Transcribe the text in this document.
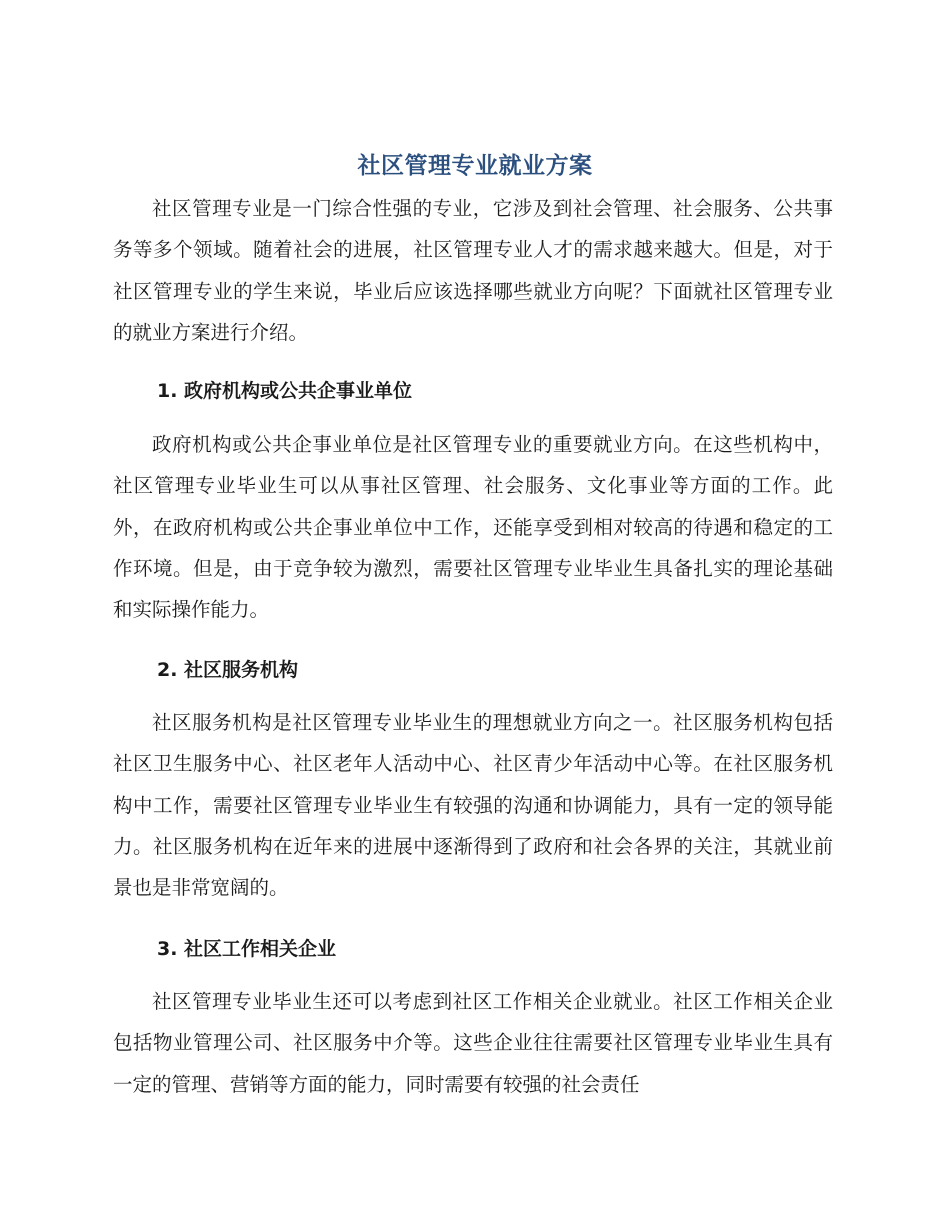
社区管理专业就业方案

社区管理专业是一门综合性强的专业，它涉及到社会管理、社会服务、公共事务等多个领域。随着社会的进展，社区管理专业人才的需求越来越大。但是，对于社区管理专业的学生来说，毕业后应该选择哪些就业方向呢？下面就社区管理专业的就业方案进行介绍。

1. 政府机构或公共企事业单位

政府机构或公共企事业单位是社区管理专业的重要就业方向。在这些机构中，社区管理专业毕业生可以从事社区管理、社会服务、文化事业等方面的工作。此外，在政府机构或公共企事业单位中工作，还能享受到相对较高的待遇和稳定的工作环境。但是，由于竞争较为激烈，需要社区管理专业毕业生具备扎实的理论基础和实际操作能力。

2. 社区服务机构

社区服务机构是社区管理专业毕业生的理想就业方向之一。社区服务机构包括社区卫生服务中心、社区老年人活动中心、社区青少年活动中心等。在社区服务机构中工作，需要社区管理专业毕业生有较强的沟通和协调能力，具有一定的领导能力。社区服务机构在近年来的进展中逐渐得到了政府和社会各界的关注，其就业前景也是非常宽阔的。

3. 社区工作相关企业

社区管理专业毕业生还可以考虑到社区工作相关企业就业。社区工作相关企业包括物业管理公司、社区服务中介等。这些企业往往需要社区管理专业毕业生具有一定的管理、营销等方面的能力，同时需要有较强的社会责任
